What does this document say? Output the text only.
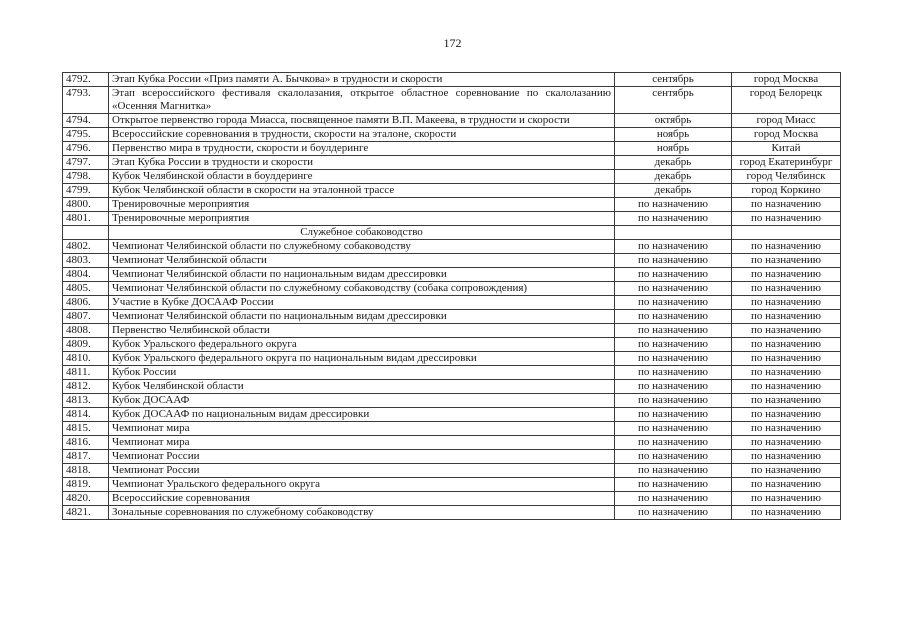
172
4792.	Этап Кубка России «Приз памяти А. Бычкова» в трудности и скорости	сентябрь	город Москва
4793.	Этап всероссийского фестиваля скалолазания, открытое областное соревнование по скалолазанию «Осенняя Магнитка»	сентябрь	город Белорецк
4794.	Открытое первенство города Миасса, посвященное памяти В.П. Макеева, в трудности и скорости	октябрь	город Миасс
4795.	Всероссийские соревнования в трудности, скорости на эталоне, скорости	ноябрь	город Москва
4796.	Первенство мира в трудности, скорости и боулдеринге	ноябрь	Китай
4797.	Этап Кубка России в трудности и скорости	декабрь	город Екатеринбург
4798.	Кубок Челябинской области в боулдеринге	декабрь	город Челябинск
4799.	Кубок Челябинской области в скорости на эталонной трассе	декабрь	город Коркино
4800.	Тренировочные мероприятия	по назначению	по назначению
4801.	Тренировочные мероприятия	по назначению	по назначению
	Служебное собаководство		
4802.	Чемпионат Челябинской области по служебному собаководству	по назначению	по назначению
4803.	Чемпионат Челябинской области	по назначению	по назначению
4804.	Чемпионат Челябинской области по национальным видам дрессировки	по назначению	по назначению
4805.	Чемпионат Челябинской области по служебному собаководству (собака сопровождения)	по назначению	по назначению
4806.	Участие в Кубке ДОСААФ России	по назначению	по назначению
4807.	Чемпионат Челябинской области по национальным видам дрессировки	по назначению	по назначению
4808.	Первенство Челябинской области	по назначению	по назначению
4809.	Кубок Уральского федерального округа	по назначению	по назначению
4810.	Кубок Уральского федерального округа по национальным видам дрессировки	по назначению	по назначению
4811.	Кубок России	по назначению	по назначению
4812.	Кубок Челябинской области	по назначению	по назначению
4813.	Кубок ДОСААФ	по назначению	по назначению
4814.	Кубок ДОСААФ по национальным видам дрессировки	по назначению	по назначению
4815.	Чемпионат мира	по назначению	по назначению
4816.	Чемпионат мира	по назначению	по назначению
4817.	Чемпионат России	по назначению	по назначению
4818.	Чемпионат России	по назначению	по назначению
4819.	Чемпионат Уральского федерального округа	по назначению	по назначению
4820.	Всероссийские соревнования	по назначению	по назначению
4821.	Зональные соревнования по служебному собаководству	по назначению	по назначению
